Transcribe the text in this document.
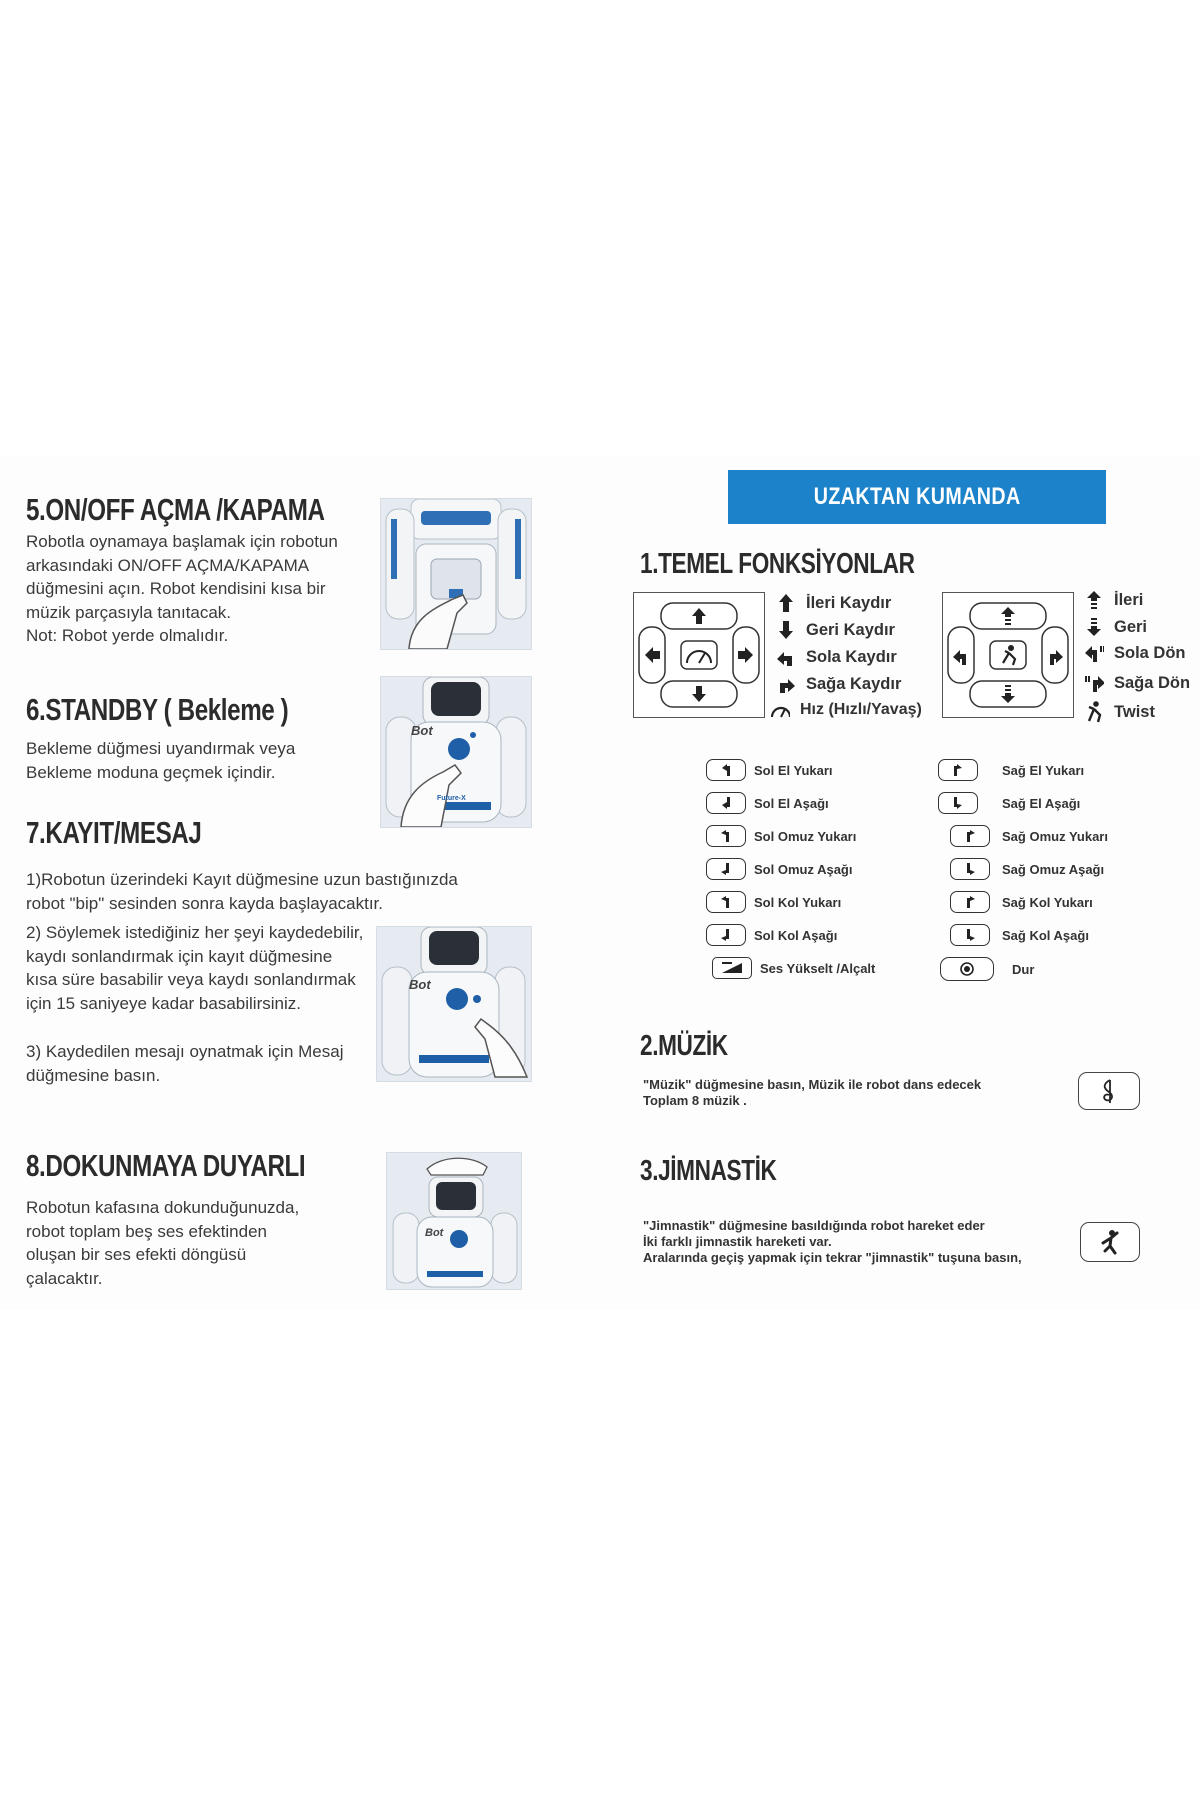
5.ON/OFF AÇMA /KAPAMA
Robotla oynamaya başlamak için robotun
arkasındaki ON/OFF AÇMA/KAPAMA
düğmesini açın. Robot kendisini kısa bir
müzik parçasıyla tanıtacak.
Not: Robot yerde olmalıdır.
6.STANDBY ( Bekleme )
Bekleme düğmesi uyandırmak veya
Bekleme moduna geçmek içindir.
Bot
Future-X
7.KAYIT/MESAJ
1)Robotun üzerindeki Kayıt düğmesine uzun bastığınızda
robot "bip" sesinden sonra kayda başlayacaktır.
2) Söylemek istediğiniz her şeyi kaydedebilir,
kaydı sonlandırmak için kayıt düğmesine
kısa süre basabilir veya kaydı sonlandırmak
için 15 saniyeye kadar basabilirsiniz.
3) Kaydedilen mesajı oynatmak için Mesaj
düğmesine basın.
Bot
8.DOKUNMAYA DUYARLI
Robotun kafasına dokunduğunuzda,
robot toplam beş ses efektinden
oluşan bir ses efekti döngüsü
çalacaktır.
Bot
UZAKTAN KUMANDA
1.TEMEL FONKSİYONLAR
İleri Kaydır
Geri Kaydır
Sola Kaydır
Sağa Kaydır
Hız (Hızlı/Yavaş)
İleri
Geri
Sola Dön
Sağa Dön
Twist
Sol El Yukarı
Sol El Aşağı
Sol Omuz Yukarı
Sol Omuz Aşağı
Sol Kol Yukarı
Sol Kol Aşağı
Ses Yükselt /Alçalt
Sağ El Yukarı
Sağ El Aşağı
Sağ Omuz Yukarı
Sağ Omuz Aşağı
Sağ Kol Yukarı
Sağ Kol Aşağı
Dur
2.MÜZİK
"Müzik" düğmesine basın, Müzik ile robot dans edecek
Toplam 8 müzik .
3.JİMNASTİK
"Jimnastik" düğmesine basıldığında robot hareket eder
İki farklı jimnastik hareketi var.
Aralarında geçiş yapmak için tekrar "jimnastik" tuşuna basın,
